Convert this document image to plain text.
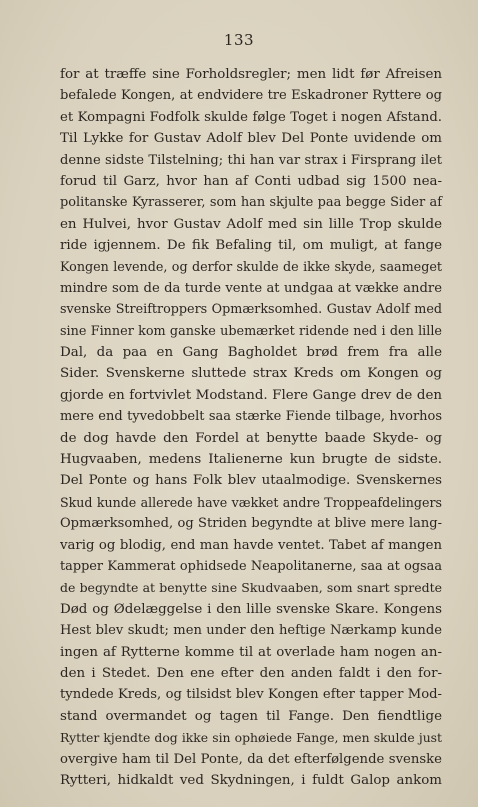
133
for at træffe sine Forholdsregler; men lidt før Afreisen
befalede Kongen, at endvidere tre Eskadroner Ryttere og
et Kompagni Fodfolk skulde følge Toget i nogen Afstand.
Til Lykke for Gustav Adolf blev Del Ponte uvidende om
denne sidste Tilstelning; thi han var strax i Firsprang ilet
forud til Garz, hvor han af Conti udbad sig 1500 nea-
politanske Kyrasserer, som han skjulte paa begge Sider af
en Hulvei, hvor Gustav Adolf med sin lille Trop skulde
ride igjennem. De fik Befaling til, om muligt, at fange
Kongen levende, og derfor skulde de ikke skyde, saameget
mindre som de da turde vente at undgaa at vække andre
svenske Streiftroppers Opmærksomhed. Gustav Adolf med
sine Finner kom ganske ubemærket ridende ned i den lille
Dal, da paa en Gang Bagholdet brød frem fra alle
Sider. Svenskerne sluttede strax Kreds om Kongen og
gjorde en fortvivlet Modstand. Flere Gange drev de den
mere end tyvedobbelt saa stærke Fiende tilbage, hvorhos
de dog havde den Fordel at benytte baade Skyde- og
Hugvaaben, medens Italienerne kun brugte de sidste.
Del Ponte og hans Folk blev utaalmodige. Svenskernes
Skud kunde allerede have vækket andre Troppeafdelingers
Opmærksomhed, og Striden begyndte at blive mere lang-
varig og blodig, end man havde ventet. Tabet af mangen
tapper Kammerat ophidsede Neapolitanerne, saa at ogsaa
de begyndte at benytte sine Skudvaaben, som snart spredte
Død og Ødelæggelse i den lille svenske Skare. Kongens
Hest blev skudt; men under den heftige Nærkamp kunde
ingen af Rytterne komme til at overlade ham nogen an-
den i Stedet. Den ene efter den anden faldt i den for-
tyndede Kreds, og tilsidst blev Kongen efter tapper Mod-
stand overmandet og tagen til Fange. Den fiendtlige
Rytter kjendte dog ikke sin ophøiede Fange, men skulde just
overgive ham til Del Ponte, da det efterfølgende svenske
Rytteri, hidkaldt ved Skydningen, i fuldt Galop ankom
